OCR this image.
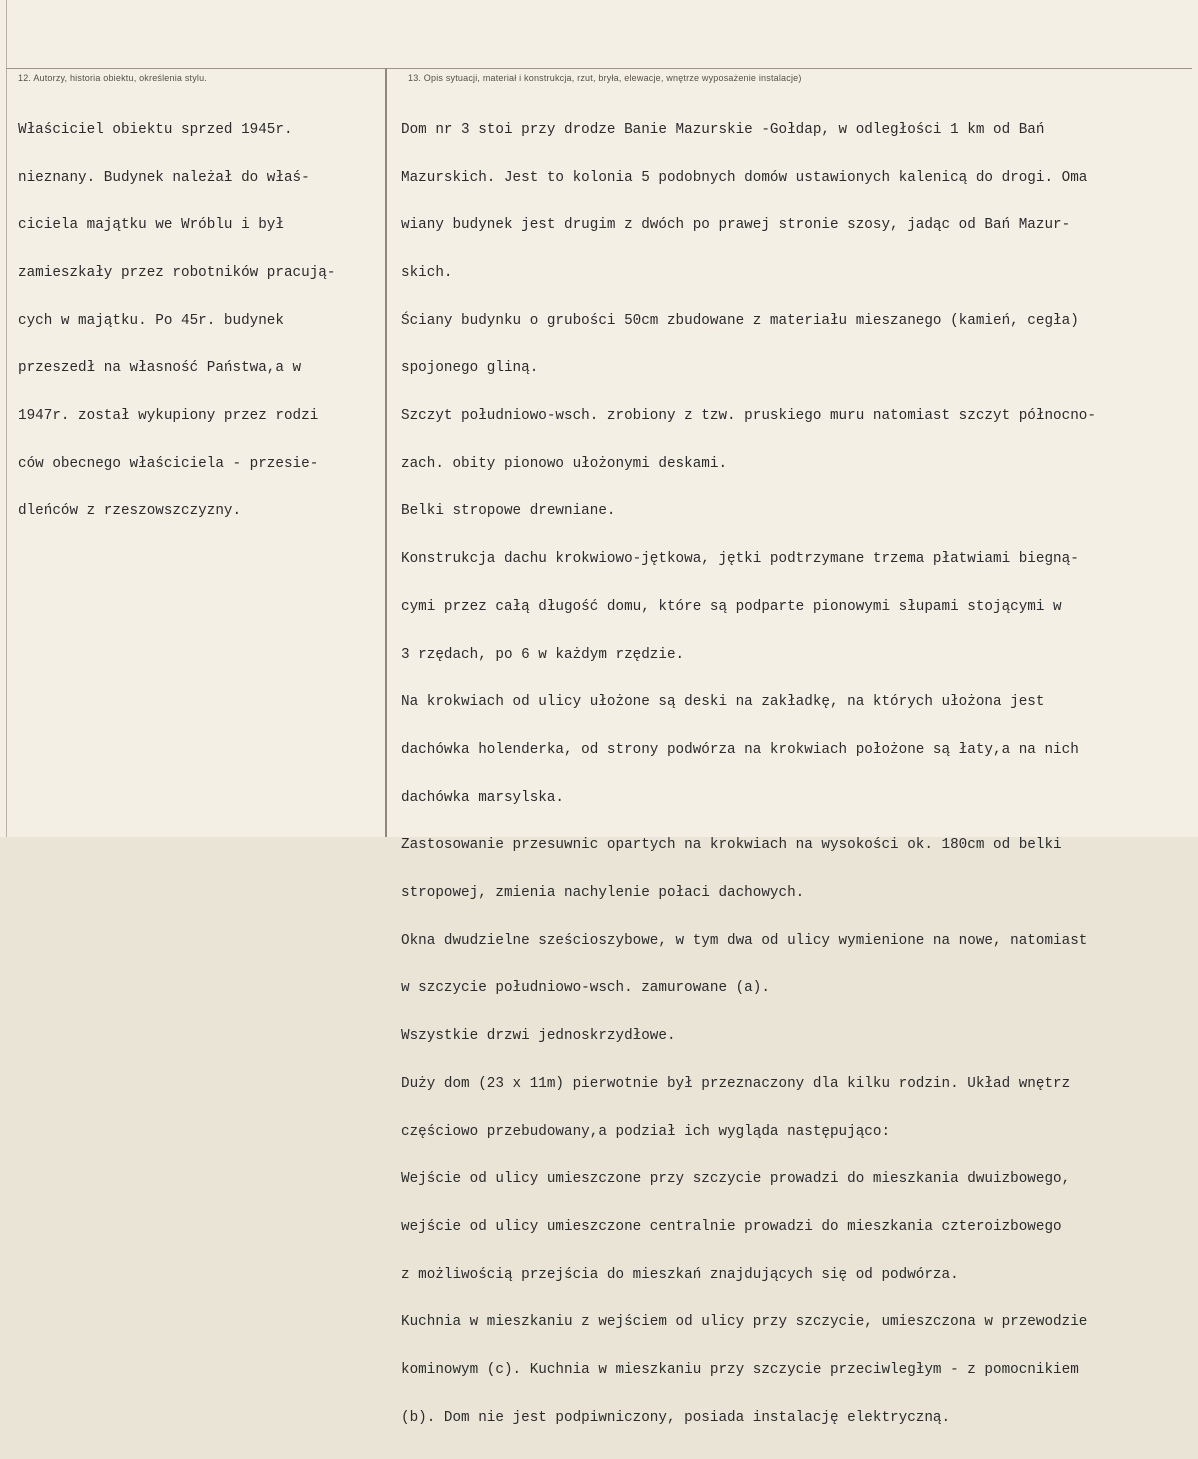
12. Autorzy, historia obiektu, określenia stylu.	13. Opis sytuacji, materiał i konstrukcja, rzut, bryła, elewacje, wnętrze wyposażenie instalacje)

Właściciel obiektu sprzed 1945r.

nieznany. Budynek należał do właś-

ciciela majątku we Wróblu i był

zamieszkały przez robotników pracują-

cych w majątku. Po 45r. budynek

przeszedł na własność Państwa,a w

1947r. został wykupiony przez rodzi

ców obecnego właściciela - przesie-

dleńców z rzeszowszczyzny.

Dom nr 3 stoi przy drodze Banie Mazurskie -Gołdap, w odległości 1 km od Bań

Mazurskich. Jest to kolonia 5 podobnych domów ustawionych kalenicą do drogi. Oma

wiany budynek jest drugim z dwóch po prawej stronie szosy, jadąc od Bań Mazur-

skich.

Ściany budynku o grubości 50cm zbudowane z materiału mieszanego (kamień, cegła)

spojonego gliną.

Szczyt południowo-wsch. zrobiony z tzw. pruskiego muru natomiast szczyt północno-

zach. obity pionowo ułożonymi deskami.

Belki stropowe drewniane.

Konstrukcja dachu krokwiowo-jętkowa, jętki podtrzymane trzema płatwiami biegną-

cymi przez całą długość domu, które są podparte pionowymi słupami stojącymi w

3 rzędach, po 6 w każdym rzędzie.

Na krokwiach od ulicy ułożone są deski na zakładkę, na których ułożona jest

dachówka holenderka, od strony podwórza na krokwiach położone są łaty,a na nich

dachówka marsylska.

Zastosowanie przesuwnic opartych na krokwiach na wysokości ok. 180cm od belki

stropowej, zmienia nachylenie połaci dachowych.

Okna dwudzielne sześcioszybowe, w tym dwa od ulicy wymienione na nowe, natomiast

w szczycie południowo-wsch. zamurowane (a).

Wszystkie drzwi jednoskrzydłowe.

Duży dom (23 x 11m) pierwotnie był przeznaczony dla kilku rodzin. Układ wnętrz

częściowo przebudowany,a podział ich wygląda następująco:

Wejście od ulicy umieszczone przy szczycie prowadzi do mieszkania dwuizbowego,

wejście od ulicy umieszczone centralnie prowadzi do mieszkania czteroizbowego

z możliwością przejścia do mieszkań znajdujących się od podwórza.

Kuchnia w mieszkaniu z wejściem od ulicy przy szczycie, umieszczona w przewodzie

kominowym (c). Kuchnia w mieszkaniu przy szczycie przeciwległym - z pomocnikiem

(b). Dom nie jest podpiwniczony, posiada instalację elektryczną.
